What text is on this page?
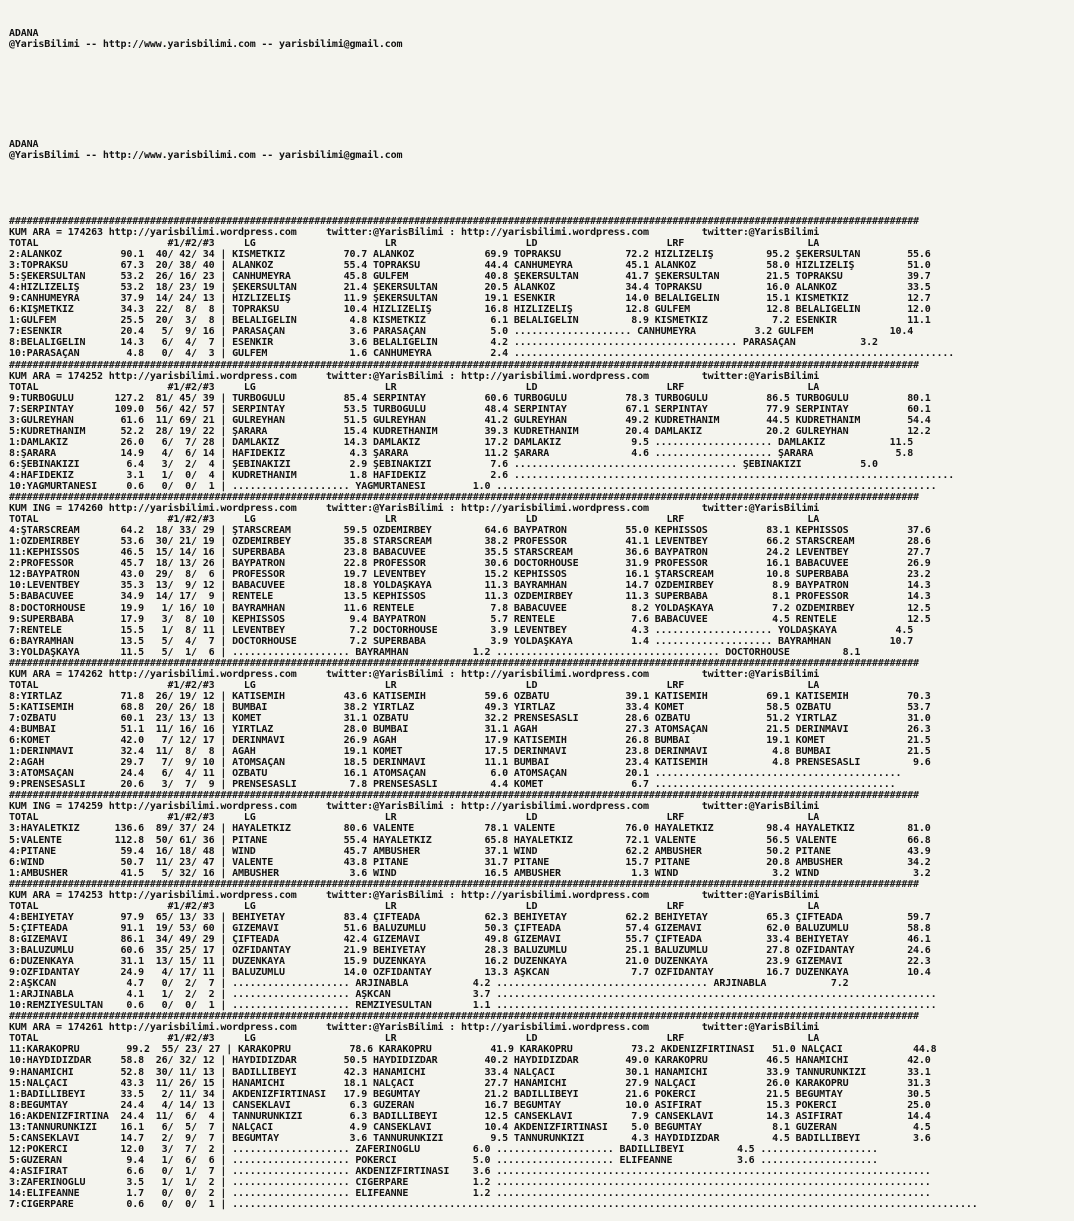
ADANA
@YarisBilimi -- http://www.yarisbilimi.com -- yarisbilimi@gmail.com

ADANA
@YarisBilimi -- http://www.yarisbilimi.com -- yarisbilimi@gmail.com

###########################################################################################################################################################
KUM ARA = 174263 http://yarisbilimi.wordpress.com     twitter:@YarisBilimi : http://yarisbilimi.wordpress.com         twitter:@YarisBilimi
TOTAL                      #1/#2/#3     LG                      LR                      LD                      LRF                     LA
2:ALANKOZ          90.1  40/ 42/ 34 | KISMETKIZ          70.7 ALANKOZ            69.9 TOPRAKSU           72.2 HIZLIZELİŞ         95.2 ŞEKERSULTAN        55.6
3:TOPRAKSU         67.3  20/ 38/ 40 | ALANKOZ            55.4 TOPRAKSU           44.4 CANHÜMEYRA         45.1 ALANKOZ            58.0 HIZLIZELİŞ         51.0
5:ŞEKERSULTAN      53.2  26/ 16/ 23 | CANHÜMEYRA         45.8 GÜLFEM             40.8 ŞEKERSULTAN        41.7 ŞEKERSULTAN        21.5 TOPRAKSU           39.7
4:HIZLIZELİŞ       53.2  18/ 23/ 19 | ŞEKERSULTAN        21.4 ŞEKERSULTAN        20.5 ALANKOZ            34.4 TOPRAKSU           16.0 ALANKOZ            33.5
9:CANHÜMEYRA       37.9  14/ 24/ 13 | HIZLIZELİŞ         11.9 ŞEKERSULTAN        19.1 ESENKIR            14.0 BELALIGELİN        15.1 KISMETKIZ          12.7
6:KIŞMETKIZ        34.3  22/  8/  8 | TOPRAKSU           10.4 HIZLIZELİŞ         16.8 HIZLIZELİŞ         12.8 GÜLFEM             12.8 BELALIGELİN        12.0
1:GÜLFEM           25.5  20/  3/  8 | BELALIGELİN         4.8 KISMETKIZ           6.1 BELALIGELİN         8.9 KISMETKIZ           7.2 ESENKIR            11.1
7:ESENKIR          20.4   5/  9/ 16 | PARASAÇAN           3.6 PARASAÇAN           5.0 .................... CANHÜMEYRA          3.2 GÜLFEM             10.4
8:BELALIGELİN      14.3   6/  4/  7 | ESENKIR             3.6 BELALIGELİN         4.2 ...................................... PARASAÇAN           3.2
10:PARASAÇAN        4.8   0/  4/  3 | GÜLFEM              1.6 CANHÜMEYRA          2.4 ...........................................................................
###########################################################################################################################################################
KUM ARA = 174252 http://yarisbilimi.wordpress.com     twitter:@YarisBilimi : http://yarisbilimi.wordpress.com         twitter:@YarisBilimi
TOTAL                      #1/#2/#3     LG                      LR                      LD                      LRF                     LA
9:TURBOĞÜLÜ       127.2  81/ 45/ 39 | TURBOĞÜLÜ          85.4 SERPİNTAY          60.6 TURBOĞÜLÜ          78.3 TURBOĞÜLÜ          86.5 TURBOĞÜLÜ          80.1
7:SERPİNTAY       109.0  56/ 42/ 57 | SERPİNTAY          53.5 TURBOĞÜLÜ          48.4 SERPİNTAY          67.1 SERPİNTAY          77.9 SERPİNTAY          60.1
3:GÜLREYHAN        61.6  11/ 69/ 21 | GÜLREYHAN          51.5 GÜLREYHAN          41.2 GÜLREYHAN          49.2 KUDRETHANIM        44.5 KUDRETHANIM        54.4
5:KUDRETHANIM      52.2  28/ 19/ 22 | ŞARARA             15.4 KUDRETHANIM        39.3 KUDRETHANIM        20.4 DAMLAKIZ           20.2 GÜLREYHAN          12.2
1:DAMLAKIZ         26.0   6/  7/ 28 | DAMLAKIZ           14.3 DAMLAKIZ           17.2 DAMLAKIZ            9.5 .................... DAMLAKIZ           11.5
8:ŞARARA           14.9   4/  6/ 14 | HAFİDEKIZ           4.3 ŞARARA             11.2 ŞARARA              4.6 .................... ŞARARA              5.8
6:ŞEBİNAKIZI        6.4   3/  2/  4 | ŞEBİNAKIZI          2.9 ŞEBİNAKIZI          7.6 ...................................... ŞEBİNAKIZI          5.0
4:HAFİDEKIZ         3.1   1/  0/  4 | KUDRETHANIM         1.8 HAFİDEKIZ           2.6 ...........................................................................
10:YAĞMURTANESİ     0.6   0/  0/  1 | .................... YAĞMURTANESİ        1.0 ...........................................................................
###########################################################################################################################################################
KUM ING = 174260 http://yarisbilimi.wordpress.com     twitter:@YarisBilimi : http://yarisbilimi.wordpress.com         twitter:@YarisBilimi
TOTAL                      #1/#2/#3     LG                      LR                      LD                      LRF                     LA
4:ŞTARSCREAM       64.2  18/ 33/ 29 | ŞTARSCREAM         59.5 ÖZDEMİRBEY         64.6 BAYPATRON          55.0 KEPHISSOS          83.1 KEPHISSOS          37.6
1:ÖZDEMİRBEY       53.6  30/ 21/ 19 | ÖZDEMİRBEY         35.8 STARSCREAM         38.2 PROFESSOR          41.1 LEVENTBEY          66.2 STARSCREAM         28.6
11:KEPHISSOS       46.5  15/ 14/ 16 | SÜPERBABA          23.8 BABACUVEE          35.5 STARSCREAM         36.6 BAYPATRON          24.2 LEVENTBEY          27.7
2:PROFESSOR        45.7  18/ 13/ 26 | BAYPATRON          22.8 PROFESSOR          30.6 DOCTORHOUSE        31.9 PROFESSOR          16.1 BABACUVEE          26.9
12:BAYPATRON       43.0  29/  8/  6 | PROFESSOR          19.7 LEVENTBEY          15.2 KEPHISSOS          16.1 ŞTARSCREAM         10.8 SÜPERBABA          23.2
10:LEVENTBEY       35.3  13/  9/ 12 | BABACUVEE          18.8 YOLDAŞKAYA         11.3 BAYRAMHAN          14.7 ÖZDEMİRBEY          8.9 BAYPATRON          14.3
5:BABACUVEE        34.9  14/ 17/  9 | RENTELE            13.5 KEPHISSOS          11.3 ÖZDEMİRBEY         11.3 SÜPERBABA           8.1 PROFESSOR          14.3
8:DOCTORHOUSE      19.9   1/ 16/ 10 | BAYRAMHAN          11.6 RENTELE             7.8 BABACUVEE           8.2 YOLDAŞKAYA          7.2 ÖZDEMİRBEY         12.5
9:SÜPERBABA        17.9   3/  8/ 10 | KEPHISSOS           9.4 BAYPATRON           5.7 RENTELE             7.6 BABACUVEE           4.5 RENTELE            12.5
7:RENTELE          15.5   1/  8/ 11 | LEVENTBEY           7.2 DOCTORHOUSE         3.9 LEVENTBEY           4.3 .................... YOLDAŞKAYA          4.5
6:BAYRAMHAN        13.5   5/  4/  7 | DOCTORHOUSE         7.2 SÜPERBABA           3.9 YOLDAŞKAYA          1.4 .................... BAYRAMHAN          10.7
3:YOLDAŞKAYA       11.5   5/  1/  6 | .................... BAYRAMHAN           1.2 ...................................... DOCTORHOUSE         8.1
###########################################################################################################################################################
KUM ARA = 174262 http://yarisbilimi.wordpress.com     twitter:@YarisBilimi : http://yarisbilimi.wordpress.com         twitter:@YarisBilimi
TOTAL                      #1/#2/#3     LG                      LR                      LD                      LRF                     LA
8:YIRTLAZ          71.8  26/ 19/ 12 | KATISEMİH          43.6 KATISEMİH          59.6 ÖZBATU             39.1 KATISEMİH          69.1 KATISEMİH          70.3
5:KATISEMİH        68.8  20/ 26/ 18 | BUMBAİ             38.2 YIRTLAZ            49.3 YIRTLAZ            33.4 KOMET              58.5 ÖZBATU             53.7
7:ÖZBATU           60.1  23/ 13/ 13 | KOMET              31.1 ÖZBATU             32.2 PRENSESASLI        28.6 ÖZBATU             51.2 YIRTLAZ            31.0
4:BUMBAİ           51.1  11/ 16/ 16 | YIRTLAZ            28.0 BUMBAİ             31.1 AGAH               27.3 ATOMSAÇAN          21.5 DERİNMAVİ          26.3
6:KOMET            42.0   7/ 12/ 17 | DERİNMAVİ          26.9 AGAH               17.9 KATISEMİH          26.8 BUMBAİ             19.1 KOMET              21.5
1:DERİNMAVİ        32.4  11/  8/  8 | AGAH               19.1 KOMET              17.5 DERİNMAVİ          23.8 DERİNMAVİ           4.8 BUMBAİ             21.5
2:AGAH             29.7   7/  9/ 10 | ATOMSAÇAN          18.5 DERİNMAVİ          11.1 BUMBAİ             23.4 KATISEMİH           4.8 PRENSESASLI         9.6
3:ATOMSAÇAN        24.4   6/  4/ 11 | ÖZBATU             16.1 ATOMSAÇAN           6.0 ATOMSAÇAN          20.1 ..........................................
9:PRENSESASLI      20.6   3/  7/  9 | PRENSESASLI         7.8 PRENSESASLI         4.4 KOMET               6.7 .........................................
###########################################################################################################################################################
KUM ING = 174259 http://yarisbilimi.wordpress.com     twitter:@YarisBilimi : http://yarisbilimi.wordpress.com         twitter:@YarisBilimi
TOTAL                      #1/#2/#3     LG                      LR                      LD                      LRF                     LA
3:HAYALETKIZ      136.6  89/ 37/ 24 | HAYALETKIZ         80.6 VALENTE            78.1 VALENTE            76.0 HAYALETKIZ         98.4 HAYALETKIZ         81.0
5:VALENTE         112.8  50/ 61/ 36 | PİTANE             55.4 HAYALETKIZ         65.8 HAYALETKIZ         72.1 VALENTE            56.5 VALENTE            66.8
4:PİTANE           59.4  16/ 18/ 48 | WIND               45.7 AMBUSHER           37.1 WIND               62.2 AMBUSHER           50.2 PİTANE             43.9
6:WIND             50.7  11/ 23/ 47 | VALENTE            43.8 PİTANE             31.7 PİTANE             15.7 PİTANE             20.8 AMBUSHER           34.2
1:AMBUSHER         41.5   5/ 32/ 16 | AMBUSHER            3.6 WIND               16.5 AMBUSHER            1.3 WIND                3.2 WIND                3.2
###########################################################################################################################################################
KUM ARA = 174253 http://yarisbilimi.wordpress.com     twitter:@YarisBilimi : http://yarisbilimi.wordpress.com         twitter:@YarisBilimi
TOTAL                      #1/#2/#3     LG                      LR                      LD                      LRF                     LA
4:BEHİYETAY        97.9  65/ 13/ 33 | BEHİYETAY          83.4 ÇİFTEADA           62.3 BEHİYETAY          62.2 BEHİYETAY          65.3 ÇİFTEADA           59.7
5:ÇİFTEADA         91.1  19/ 53/ 60 | GİZEMAVİ           51.6 BALÜZÜMLÜ          50.3 ÇİFTEADA           57.4 GİZEMAVİ           62.0 BALÜZÜMLÜ          58.8
8:GİZEMAVİ         86.1  34/ 49/ 29 | ÇİFTEADA           42.4 GİZEMAVİ           49.8 GİZEMAVİ           55.7 ÇİFTEADA           33.4 BEHİYETAY          46.1
3:BALÜZÜMLÜ        60.6  35/ 25/ 17 | ÖZFİDANTAY         21.9 BEHİYETAY          28.3 BALÜZÜMLÜ          25.1 BALÜZÜMLÜ          27.8 ÖZFİDANTAY         24.6
6:DÜZENKAYA        31.1  13/ 15/ 11 | DÜZENKAYA          15.9 DÜZENKAYA          16.2 DÜZENKAYA          21.0 DÜZENKAYA          23.9 GİZEMAVİ           22.3
9:ÖZFİDANTAY       24.9   4/ 17/ 11 | BALÜZÜMLÜ          14.0 ÖZFİDANTAY         13.3 AŞKCAN              7.7 ÖZFİDANTAY         16.7 DÜZENKAYA          10.4
2:AŞKCAN            4.7   0/  2/  7 | .................... ARJİNABLA           4.2 .................................... ARJİNABLA           7.2
1:ARJİNABLA         4.1   1/  2/  2 | .................... AŞKCAN              3.7 ...........................................................................
10:REMZİYESULTAN    0.6   0/  0/  1 | .................... REMZİYESULTAN       1.1 ...........................................................................
###########################################################################################################################################################
KUM ARA = 174261 http://yarisbilimi.wordpress.com     twitter:@YarisBilimi : http://yarisbilimi.wordpress.com         twitter:@YarisBilimi
TOTAL                      #1/#2/#3     LG                      LR                      LD                      LRF                     LA
11:KARAKÖPRÜ        99.2  55/ 23/ 27 | KARAKÖPRÜ          78.6 KARAKÖPRÜ          41.9 KARAKÖPRÜ          73.2 AKDENİZFIRTINASI   51.0 NALÇACI            44.8
10:HAYDİDİZDAR     58.8  26/ 32/ 12 | HAYDİDİZDAR        50.5 HAYDİDİZDAR        40.2 HAYDİDİZDAR        49.0 KARAKÖPRÜ          46.5 HANAMİCHİ          42.0
9:HANAMİCHİ        52.8  30/ 11/ 13 | BADILLIBEYİ        42.3 HANAMİCHİ          33.4 NALÇACI            30.1 HANAMİCHİ          33.9 TANNURUNKIZI       33.1
15:NALÇACI         43.3  11/ 26/ 15 | HANAMİCHİ          18.1 NALÇACI            27.7 HANAMİCHİ          27.9 NALÇACI            26.0 KARAKÖPRÜ          31.3
1:BADILLIBEYİ      33.5   2/ 11/ 34 | AKDENİZFIRTINASI   17.9 BEĞÜMTAY           21.2 BADILLIBEYİ        21.6 POKERCİ            21.5 BEĞÜMTAY           30.5
8:BEĞÜMTAY         24.4   4/ 14/ 13 | CANSEKLAVİ          6.3 GÜZERAN            16.7 BEĞÜMTAY           10.0 ASİFIRAT           15.3 POKERCİ            25.0
16:AKDENİZFIRTINA  24.4  11/  6/  4 | TANNURUNKIZI        6.3 BADILLIBEYİ        12.5 CANSEKLAVİ          7.9 CANSEKLAVİ         14.3 ASİFIRAT           14.4
13:TANNURUNKIZI    16.1   6/  5/  7 | NALÇACI             4.9 CANSEKLAVİ         10.4 AKDENİZFIRTINASI    5.0 BEĞÜMTAY            8.1 GÜZERAN             4.5
5:CANSEKLAVİ       14.7   2/  9/  7 | BEĞÜMTAY            3.6 TANNURUNKIZI        9.5 TANNURUNKIZI        4.3 HAYDİDİZDAR         4.5 BADILLIBEYİ         3.6
12:POKERCİ         12.0   3/  7/  2 | .................... ZAFERİNOĞLU         6.0 .................... BADILLIBEYİ         4.5 ....................
5:GÜZERAN           9.4   1/  6/  6 | .................... POKERCİ             5.0 .................... ELİFEANNE           3.6 ....................
4:ASİFIRAT          6.6   0/  1/  7 | .................... AKDENİZFIRTINASI    3.6 ..........................................................................
3:ZAFERİNOĞLU       3.5   1/  1/  2 | .................... CİGERPARE           1.2 ..........................................................................
14:ELİFEANNE        1.7   0/  0/  2 | .................... ELİFEANNE           1.2 ..........................................................................
7:CİGERPARE         0.6   0/  0/  1 | ...............................................................................................................................
